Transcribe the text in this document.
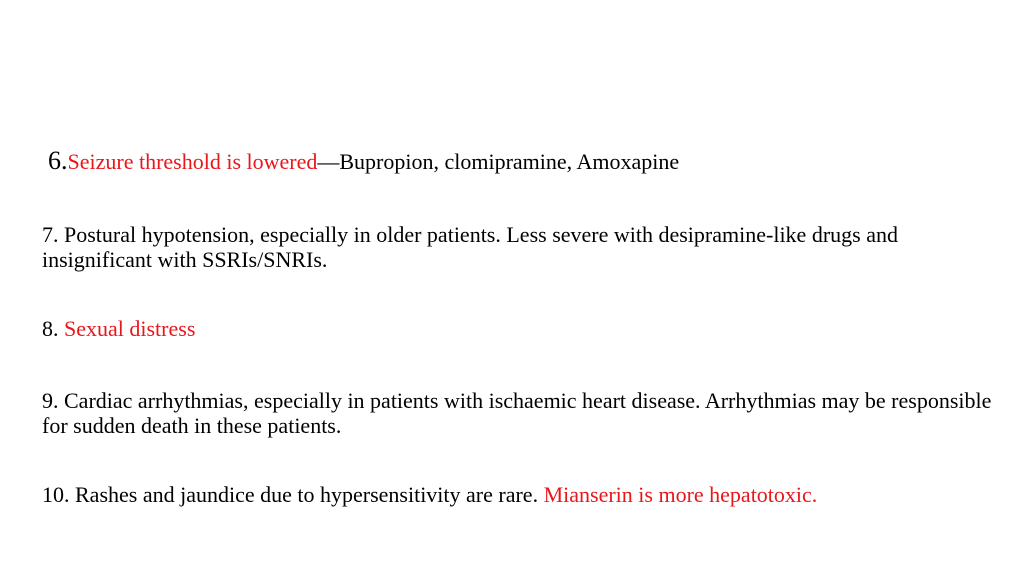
6.Seizure threshold is lowered—Bupropion, clomipramine, Amoxapine
7. Postural hypotension, especially in older patients. Less severe with desipramine-like drugs and insignificant with SSRIs/SNRIs.
8. Sexual distress
9. Cardiac arrhythmias, especially in patients with ischaemic heart disease. Arrhythmias may be responsible for sudden death in these patients.
10. Rashes and jaundice due to hypersensitivity are rare. Mianserin is more hepatotoxic.
